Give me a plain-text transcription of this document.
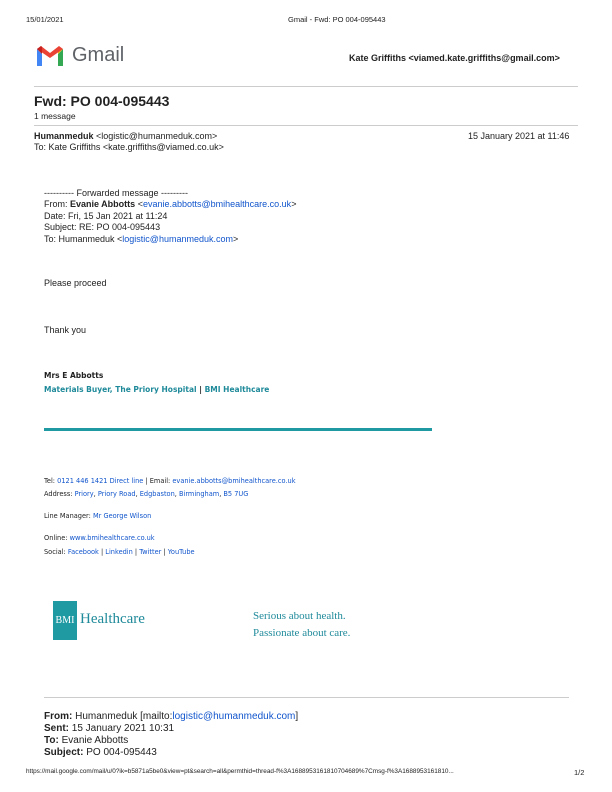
15/01/2021	Gmail - Fwd: PO 004-095443
Gmail	Kate Griffiths <viamed.kate.griffiths@gmail.com>
Fwd: PO 004-095443
1 message
Humanmeduk <logistic@humanmeduk.com>	15 January 2021 at 11:46
To: Kate Griffiths <kate.griffiths@viamed.co.uk>
---------- Forwarded message ---------
From: Evanie Abbotts <evanie.abbotts@bmihealthcare.co.uk>
Date: Fri, 15 Jan 2021 at 11:24
Subject: RE: PO 004-095443
To: Humanmeduk <logistic@humanmeduk.com>
Please proceed
Thank you
Mrs E Abbotts
Materials Buyer, The Priory Hospital | BMI Healthcare
Tel: 0121 446 1421 Direct line | Email: evanie.abbotts@bmihealthcare.co.uk
Address: Priory, Priory Road, Edgbaston, Birmingham, B5 7UG
Line Manager: Mr George Wilson
Online: www.bmihealthcare.co.uk
Social: Facebook | Linkedin | Twitter | YouTube
BMI Healthcare	Serious about health.
Passionate about care.
From: Humanmeduk [mailto:logistic@humanmeduk.com]
Sent: 15 January 2021 10:31
To: Evanie Abbotts
Subject: PO 004-095443
https://mail.google.com/mail/u/0?ik=b5871a5be0&view=pt&search=all&permthid=thread-f%3A1688953161810704689%7Cmsg-f%3A1688953161810...	1/2
